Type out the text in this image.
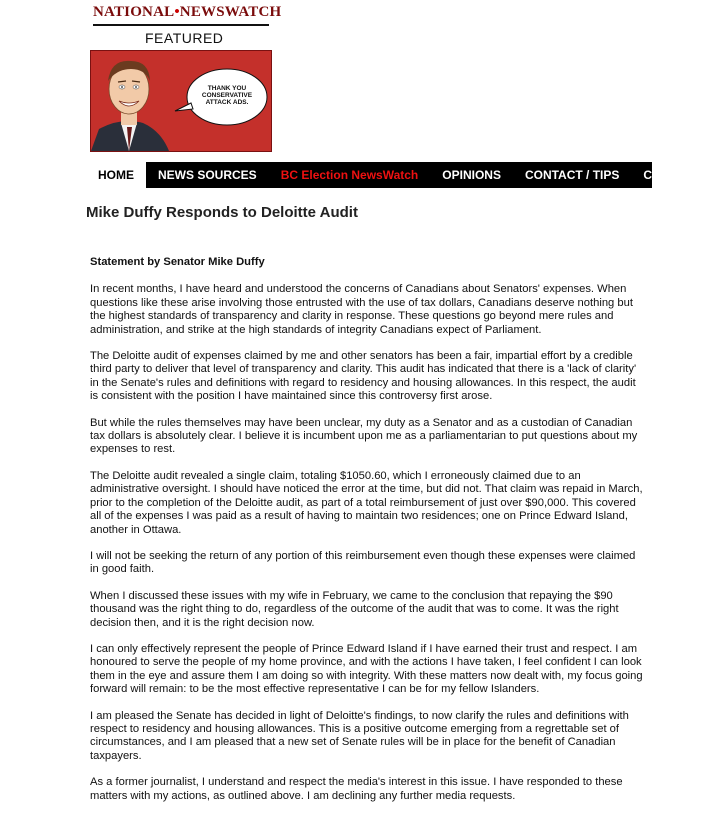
NATIONAL•NEWSWATCH
FEATURED
THANK YOU CONSERVATIVE ATTACK ADS.
HOME	NEWS SOURCES	BC Election NewsWatch	OPINIONS	CONTACT / TIPS	CARTOONS
Mike Duffy Responds to Deloitte Audit
Statement by Senator Mike Duffy

In recent months, I have heard and understood the concerns of Canadians about Senators' expenses. When questions like these arise involving those entrusted with the use of tax dollars, Canadians deserve nothing but the highest standards of transparency and clarity in response. These questions go beyond mere rules and administration, and strike at the high standards of integrity Canadians expect of Parliament.

The Deloitte audit of expenses claimed by me and other senators has been a fair, impartial effort by a credible third party to deliver that level of transparency and clarity. This audit has indicated that there is a 'lack of clarity' in the Senate's rules and definitions with regard to residency and housing allowances. In this respect, the audit is consistent with the position I have maintained since this controversy first arose.

But while the rules themselves may have been unclear, my duty as a Senator and as a custodian of Canadian tax dollars is absolutely clear. I believe it is incumbent upon me as a parliamentarian to put questions about my expenses to rest.

The Deloitte audit revealed a single claim, totaling $1050.60, which I erroneously claimed due to an administrative oversight. I should have noticed the error at the time, but did not. That claim was repaid in March, prior to the completion of the Deloitte audit, as part of a total reimbursement of just over $90,000. This covered all of the expenses I was paid as a result of having to maintain two residences; one on Prince Edward Island, another in Ottawa.

I will not be seeking the return of any portion of this reimbursement even though these expenses were claimed in good faith.

When I discussed these issues with my wife in February, we came to the conclusion that repaying the $90 thousand was the right thing to do, regardless of the outcome of the audit that was to come. It was the right decision then, and it is the right decision now.

I can only effectively represent the people of Prince Edward Island if I have earned their trust and respect. I am honoured to serve the people of my home province, and with the actions I have taken, I feel confident I can look them in the eye and assure them I am doing so with integrity. With these matters now dealt with, my focus going forward will remain: to be the most effective representative I can be for my fellow Islanders.

I am pleased the Senate has decided in light of Deloitte's findings, to now clarify the rules and definitions with respect to residency and housing allowances. This is a positive outcome emerging from a regrettable set of circumstances, and I am pleased that a new set of Senate rules will be in place for the benefit of Canadian taxpayers.

As a former journalist, I understand and respect the media's interest in this issue. I have responded to these matters with my actions, as outlined above. I am declining any further media requests.
